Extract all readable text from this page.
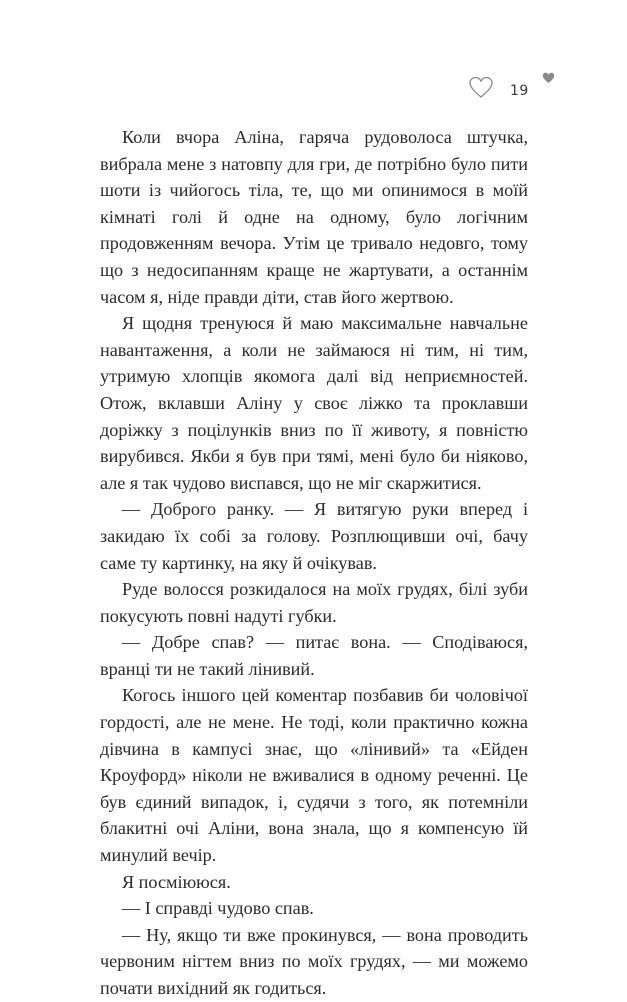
19

Коли вчора Аліна, гаряча рудоволоса штучка, вибрала мене з натовпу для гри, де потрібно було пити шоти із чийогось тіла, те, що ми опинимося в моїй кімнаті голі й одне на одному, було логічним продовженням вечора. Утім це тривало недовго, тому що з недосипанням краще не жартувати, а останнім часом я, ніде правди діти, став його жертвою.

Я щодня тренуюся й маю максимальне навчальне навантаження, а коли не займаюся ні тим, ні тим, утримую хлопців якомога далі від неприємностей. Отож, вклавши Аліну у своє ліжко та проклавши доріжку з поцілунків вниз по її животу, я повністю вирубився. Якби я був при тямі, мені було би ніяково, але я так чудово виспався, що не міг скаржитися.

— Доброго ранку. — Я витягую руки вперед і закидаю їх собі за голову. Розплющивши очі, бачу саме ту картинку, на яку й очікував.

Руде волосся розкидалося на моїх грудях, білі зуби покусують повні надуті губки.

— Добре спав? — питає вона. — Сподіваюся, вранці ти не такий лінивий.

Когось іншого цей коментар позбавив би чоловічої гордості, але не мене. Не тоді, коли практично кожна дівчина в кампусі знає, що «лінивий» та «Ейден Кроуфорд» ніколи не вживалися в одному реченні. Це був єдиний випадок, і, судячи з того, як потемніли блакитні очі Аліни, вона знала, що я компенсую їй минулий вечір.

Я посміююся.

— І справді чудово спав.

— Ну, якщо ти вже прокинувся, — вона проводить червоним нігтем вниз по моїх грудях, — ми можемо почати вихідний як годиться.
